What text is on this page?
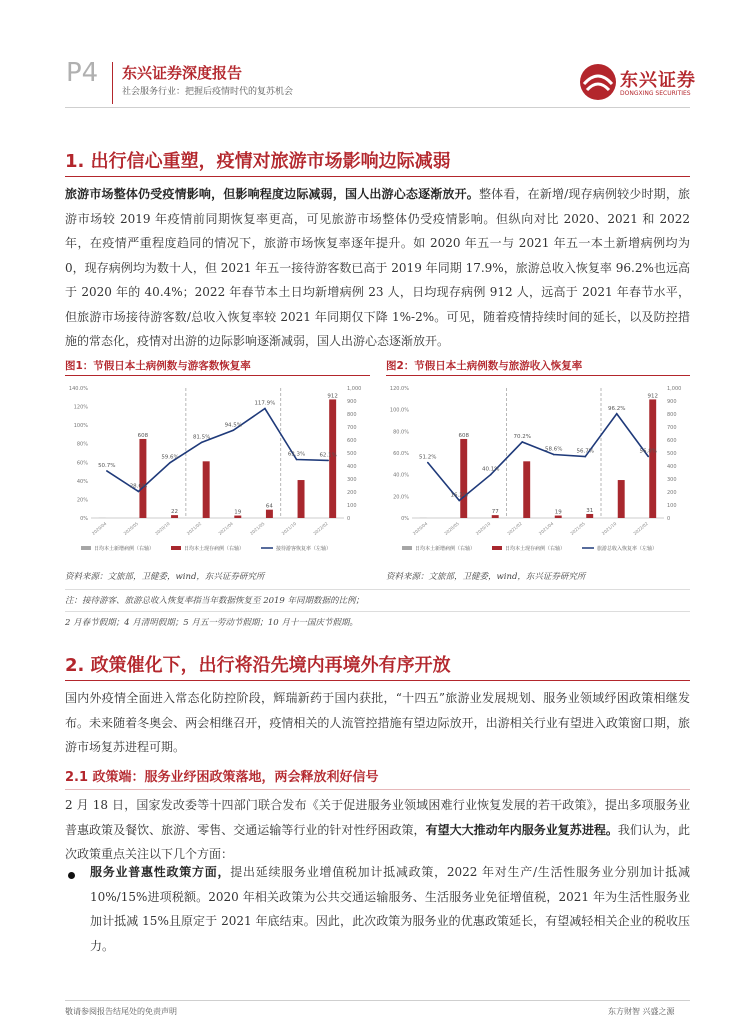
P4 东兴证券深度报告
社会服务行业：把握后疫情时代的复苏机会
东兴证券
DONGXING SECURITIES
1. 出行信心重塑，疫情对旅游市场影响边际减弱
旅游市场整体仍受疫情影响，但影响程度边际减弱，国人出游心态逐渐放开。整体看，在新增/现存病例较少时期，旅游市场较 2019 年疫情前同期恢复率更高，可见旅游市场整体仍受疫情影响。但纵向对比 2020、2021 和 2022 年，在疫情严重程度趋同的情况下，旅游市场恢复率逐年提升。如 2020 年五一与 2021 年五一本土新增病例均为 0，现存病例均为数十人，但 2021 年五一接待游客数已高于 2019 年同期 17.9%，旅游总收入恢复率 96.2%也远高于 2020 年的 40.4%；2022 年春节本土日均新增病例 23 人，日均现存病例 912 人，远高于 2021 年春节水平，但旅游市场接待游客数/总收入恢复率较 2021 年同期仅下降 1%-2%。可见，随着疫情持续时间的延长，以及防控措施的常态化，疫情对出游的边际影响逐渐减弱，国人出游心态逐渐放开。
图1：节假日本土病例数与游客数恢复率	图2：节假日本土病例数与旅游收入恢复率
0%
20%
40%
60%
80%
100%
120%
140.0%
0
100
200
300
400
500
600
700
800
900
1,000
2020/04
608
2020/05
22
2020/10	2021/02
19
2021/04
64
2021/05	2021/10
912
2022/02
50.7%
28.6%
59.6%
81.5%
94.5%
117.9%
63.3%	62.1%
日均本土新增病例（右轴）	日均本土现存病例（右轴）	接待游客恢复率（左轴）
0%
20.0%
40.0%
60.0%
80.0%
100.0%
120.0%
0
100
200
300
400
500
600
700
800
900
1,000
2020/04
608
2020/05
77
2020/10	2021/02
19
2021/04
31
2021/05	2021/10
912
2022/02
51.2%
16.2%
40.1%
70.2%
58.6%	56.7%
96.2%
56.8%
日均本土新增病例（右轴）	日均本土现存病例（右轴）	旅游总收入恢复率（左轴）
资料来源：文旅部，卫健委，wind，东兴证券研究所	资料来源：文旅部，卫健委，wind，东兴证券研究所
注：接待游客、旅游总收入恢复率指当年数据恢复至 2019 年同期数据的比例；
2 月春节假期；4 月清明假期；5 月五一劳动节假期；10 月十一国庆节假期。
2. 政策催化下，出行将沿先境内再境外有序开放
国内外疫情全面进入常态化防控阶段，辉瑞新药于国内获批，“十四五”旅游业发展规划、服务业领域纾困政策相继发布。未来随着冬奥会、两会相继召开，疫情相关的人流管控措施有望边际放开，出游相关行业有望进入政策窗口期，旅游市场复苏进程可期。
2.1 政策端：服务业纾困政策落地，两会释放利好信号
2 月 18 日，国家发改委等十四部门联合发布《关于促进服务业领域困难行业恢复发展的若干政策》，提出多项服务业普惠政策及餐饮、旅游、零售、交通运输等行业的针对性纾困政策，有望大大推动年内服务业复苏进程。我们认为，此次政策重点关注以下几个方面：
服务业普惠性政策方面，提出延续服务业增值税加计抵减政策，2022 年对生产/生活性服务业分别加计抵减 10%/15%进项税额。2020 年相关政策为公共交通运输服务、生活服务业免征增值税，2021 年为生活性服务业加计抵减 15%且原定于 2021 年底结束。因此，此次政策为服务业的优惠政策延长，有望减轻相关企业的税收压力。
敬请参阅报告结尾处的免责声明	东方财智 兴盛之源
